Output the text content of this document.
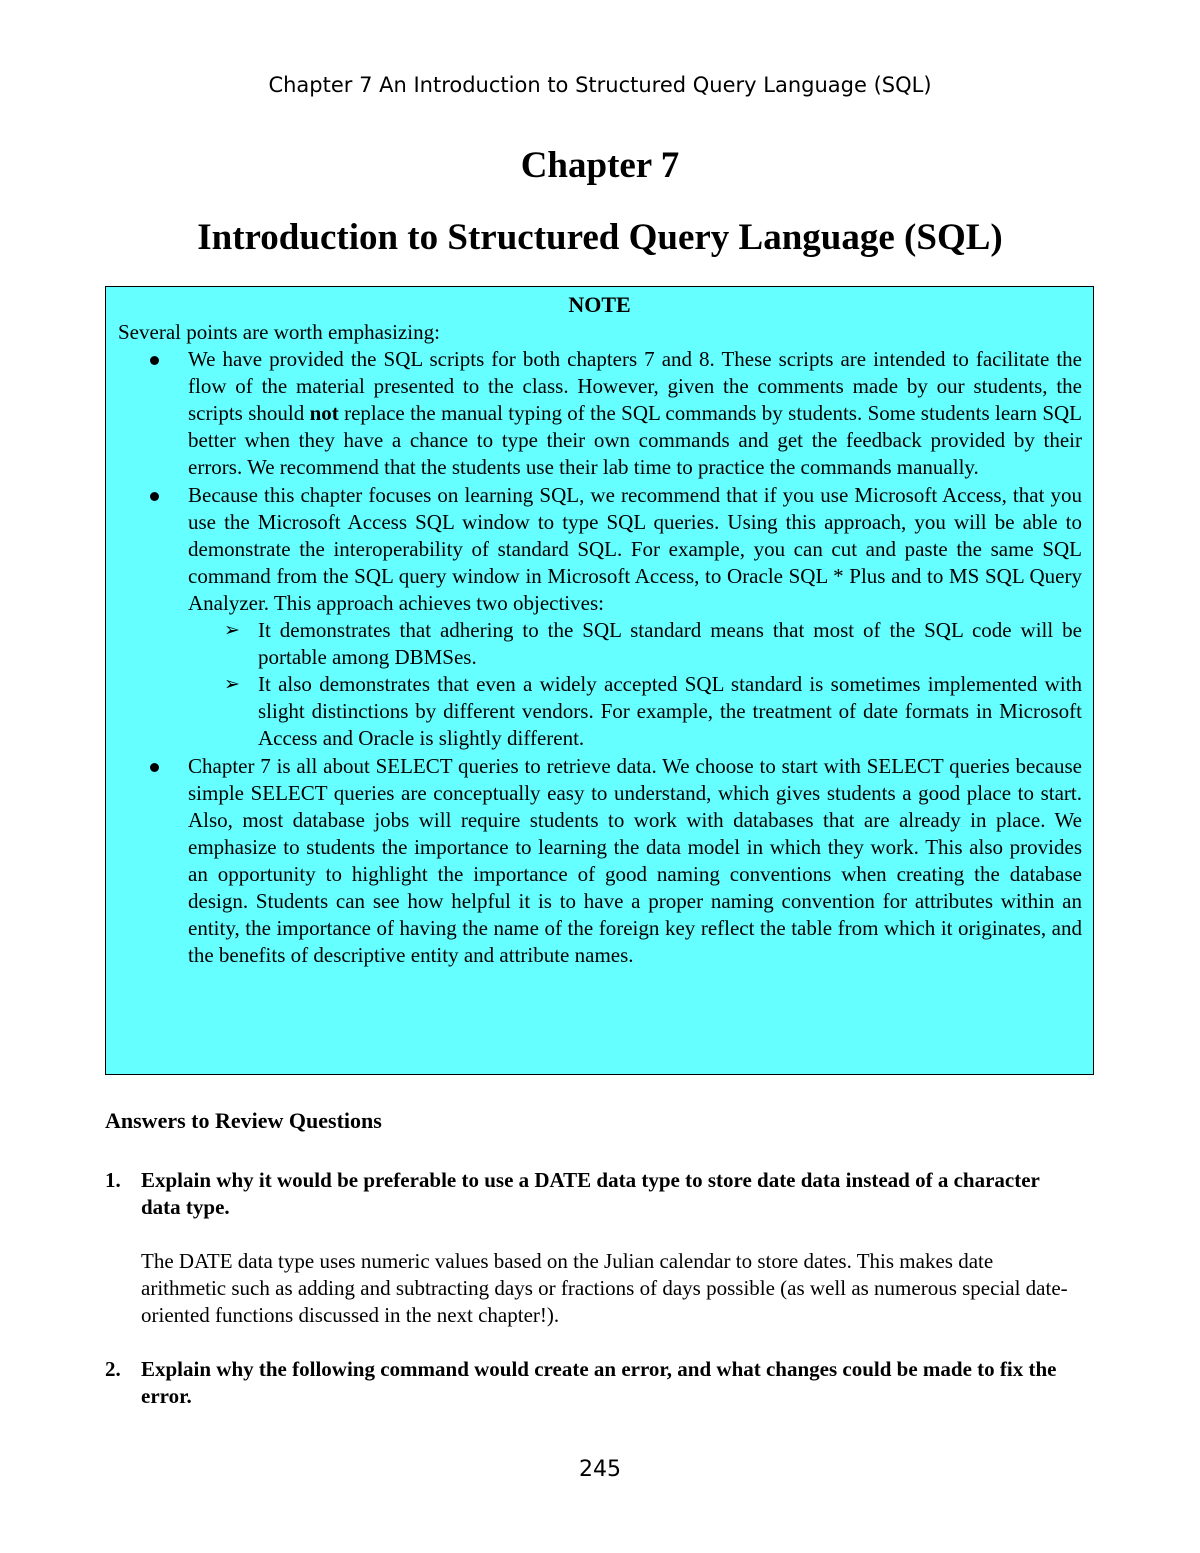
Chapter 7 An Introduction to Structured Query Language (SQL)
Chapter 7
Introduction to Structured Query Language (SQL)
NOTE
Several points are worth emphasizing:
We have provided the SQL scripts for both chapters 7 and 8. These scripts are intended to facilitate the flow of the material presented to the class. However, given the comments made by our students, the scripts should not replace the manual typing of the SQL commands by students. Some students learn SQL better when they have a chance to type their own commands and get the feedback provided by their errors. We recommend that the students use their lab time to practice the commands manually.
Because this chapter focuses on learning SQL, we recommend that if you use Microsoft Access, that you use the Microsoft Access SQL window to type SQL queries. Using this approach, you will be able to demonstrate the interoperability of standard SQL. For example, you can cut and paste the same SQL command from the SQL query window in Microsoft Access, to Oracle SQL * Plus and to MS SQL Query Analyzer. This approach achieves two objectives:
➢ It demonstrates that adhering to the SQL standard means that most of the SQL code will be portable among DBMSes.
➢ It also demonstrates that even a widely accepted SQL standard is sometimes implemented with slight distinctions by different vendors. For example, the treatment of date formats in Microsoft Access and Oracle is slightly different.
Chapter 7 is all about SELECT queries to retrieve data. We choose to start with SELECT queries because simple SELECT queries are conceptually easy to understand, which gives students a good place to start. Also, most database jobs will require students to work with databases that are already in place. We emphasize to students the importance to learning the data model in which they work. This also provides an opportunity to highlight the importance of good naming conventions when creating the database design. Students can see how helpful it is to have a proper naming convention for attributes within an entity, the importance of having the name of the foreign key reflect the table from which it originates, and the benefits of descriptive entity and attribute names.
Answers to Review Questions
1. Explain why it would be preferable to use a DATE data type to store date data instead of a character data type.
The DATE data type uses numeric values based on the Julian calendar to store dates. This makes date arithmetic such as adding and subtracting days or fractions of days possible (as well as numerous special date-oriented functions discussed in the next chapter!).
2. Explain why the following command would create an error, and what changes could be made to fix the error.
245
